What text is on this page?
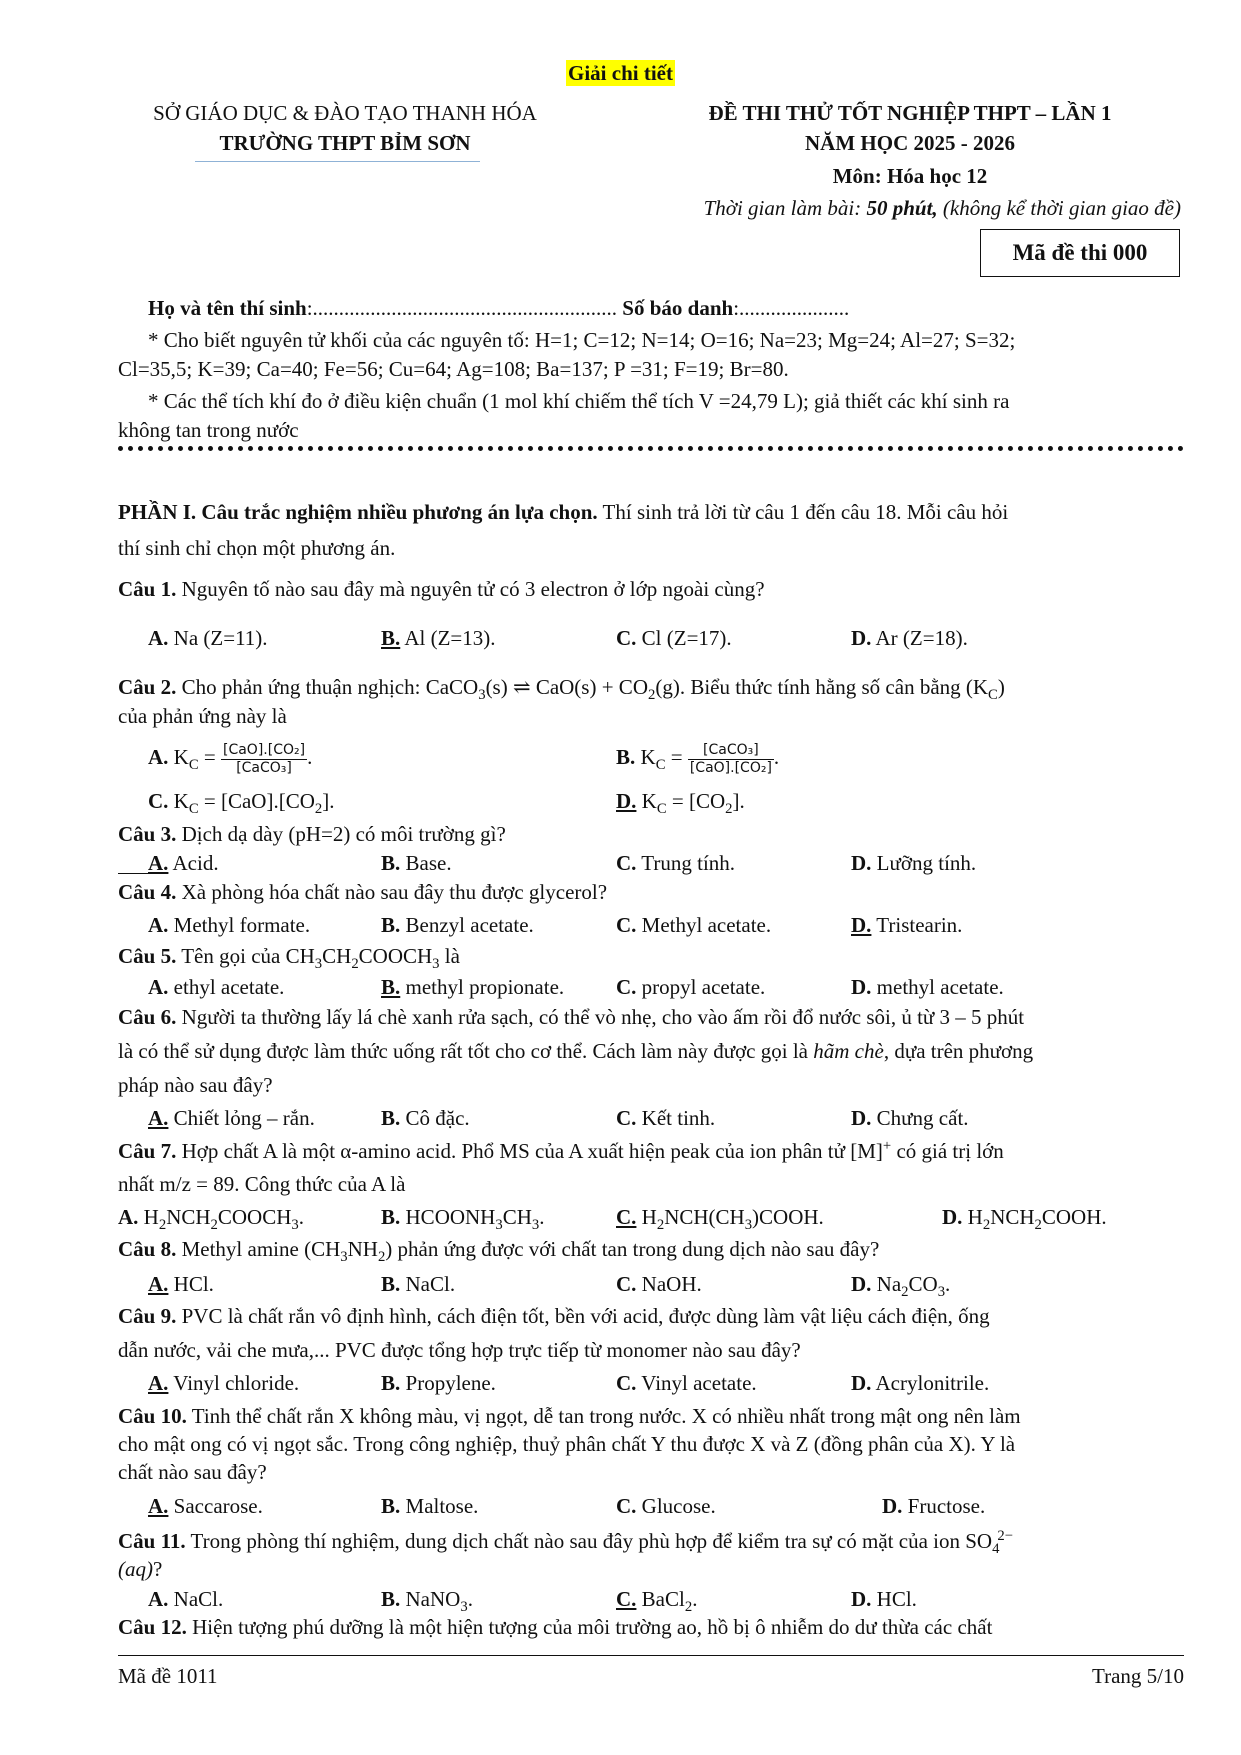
Giải chi tiết
SỞ GIÁO DỤC & ĐÀO TẠO THANH HÓA
TRƯỜNG THPT BỈM SƠN
ĐỀ THI THỬ TỐT NGHIỆP THPT – LẦN 1
NĂM HỌC 2025 - 2026
Môn: Hóa học 12
Thời gian làm bài: 50 phút, (không kể thời gian giao đề)
Mã đề thi 000
Họ và tên thí sinh:.......................................................... Số báo danh:.....................
* Cho biết nguyên tử khối của các nguyên tố: H=1; C=12; N=14; O=16; Na=23; Mg=24; Al=27; S=32;
Cl=35,5; K=39; Ca=40; Fe=56; Cu=64; Ag=108; Ba=137; P =31; F=19; Br=80.
* Các thể tích khí đo ở điều kiện chuẩn (1 mol khí chiếm thể tích V =24,79 L); giả thiết các khí sinh ra
không tan trong nước
PHẦN I. Câu trắc nghiệm nhiều phương án lựa chọn. Thí sinh trả lời từ câu 1 đến câu 18. Mỗi câu hỏi
thí sinh chỉ chọn một phương án.
Câu 1. Nguyên tố nào sau đây mà nguyên tử có 3 electron ở lớp ngoài cùng?
A. Na (Z=11).	B. Al (Z=13).	C. Cl (Z=17).	D. Ar (Z=18).
Câu 2. Cho phản ứng thuận nghịch: CaCO$_3$(s) ⇌ $CaO(s) + CO_2(g)$. Biểu thức tính hằng số cân bằng $(K_C)$
của phản ứng này là
A. $K_C = \frac{\text{[CaO].[CO₂]}}{\text{[CaCO₃]}}$ .	B. $K_C = \frac{\text{[CaCO₃]}}{\text{[CaO].[CO₂]}}$ .
C. $K_C = [CaO].[CO_2]$.	D. $K_C = [CO_2]$.
Câu 3. Dịch dạ dày (pH=2) có môi trường gì?
A. Acid.	B. Base.	C. Trung tính.	D. Lưỡng tính.
Câu 4. Xà phòng hóa chất nào sau đây thu được glycerol?
A. Methyl formate.	B. Benzyl acetate.	C. Methyl acetate.	D. Tristearin.
Câu 5. Tên gọi của $CH_3CH_2COOCH_3$ là
A. ethyl acetate.	B. methyl propionate. C. propyl acetate.	D. methyl acetate.
Câu 6. Người ta thường lấy lá chè xanh rửa sạch, có thể vò nhẹ, cho vào ấm rồi đổ nước sôi, ủ từ 3 – 5 phút
là có thể sử dụng được làm thức uống rất tốt cho cơ thể. Cách làm này được gọi là hãm chè, dựa trên phương
pháp nào sau đây?
A. Chiết lỏng – rắn.	B. Cô đặc.	C. Kết tinh.	D. Chưng cất.
Câu 7. Hợp chất A là một α-amino acid. Phổ MS của A xuất hiện peak của ion phân tử [M]+ có giá trị lớn
nhất m/z = 89. Công thức của A là
A. $H_2NCH_2COOCH_3$.	B. $HCOONH_3CH_3$.	C. $H_2NCH(CH_3)COOH$.	D. $H_2NCH_2COOH$.
Câu 8. Methyl amine $(CH_3NH_2)$ phản ứng được với chất tan trong dung dịch nào sau đây?
A. HCl.	B. NaCl.	C. NaOH.	D. $Na_2CO_3$.
Câu 9. PVC là chất rắn vô định hình, cách điện tốt, bền với acid, được dùng làm vật liệu cách điện, ống
dẫn nước, vải che mưa,... PVC được tổng hợp trực tiếp từ monomer nào sau đây?
A. Vinyl chloride.	B. Propylene.	C. Vinyl acetate.	D. Acrylonitrile.
Câu 10. Tinh thể chất rắn X không màu, vị ngọt, dễ tan trong nước. X có nhiều nhất trong mật ong nên làm
cho mật ong có vị ngọt sắc. Trong công nghiệp, thuỷ phân chất Y thu được X và Z (đồng phân của X). Y là
chất nào sau đây?
A. Saccarose.	B. Maltose.	C. Glucose.	D. Fructose.
Câu 11. Trong phòng thí nghiệm, dung dịch chất nào sau đây phù hợp để kiểm tra sự có mặt của ion $SO_4^{2-}$
(aq)?
A. NaCl.	B. NaNO$_3$.	C. BaCl$_2$.	D. HCl.
Câu 12. Hiện tượng phú dưỡng là một hiện tượng của môi trường ao, hồ bị ô nhiễm do dư thừa các chất
Mã đề 1011	Trang 5/10
